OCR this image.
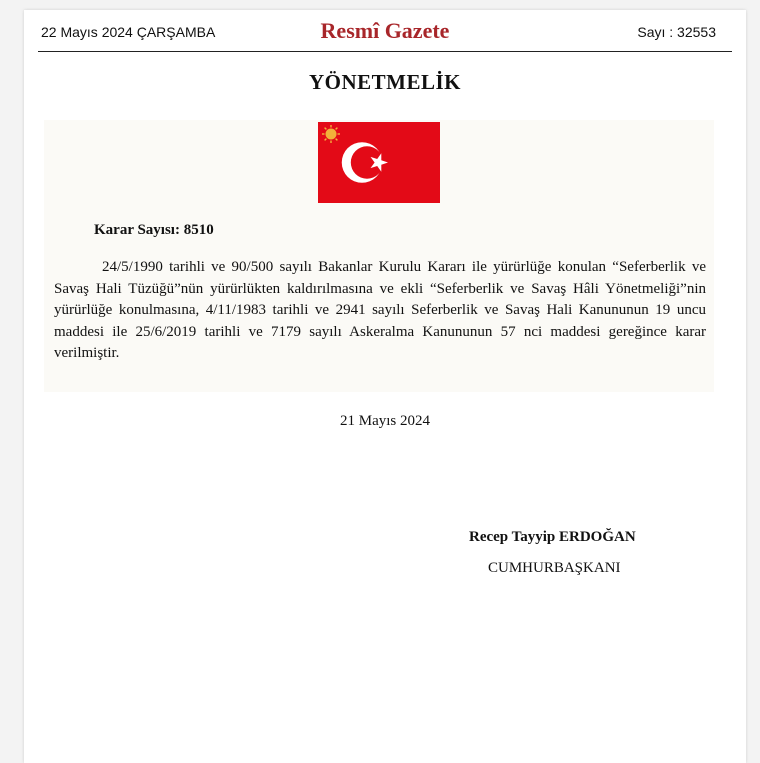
22 Mayıs 2024 ÇARŞAMBA	Resmî Gazete	Sayı : 32553
YÖNETMELİK
Karar Sayısı: 8510

24/5/1990 tarihli ve 90/500 sayılı Bakanlar Kurulu Kararı ile yürürlüğe konulan “Seferberlik ve Savaş Hali Tüzüğü”nün yürürlükten kaldırılmasına ve ekli “Seferberlik ve Savaş Hâli Yönetmeliği”nin yürürlüğe konulmasına, 4/11/1983 tarihli ve 2941 sayılı Seferberlik ve Savaş Hali Kanununun 19 uncu maddesi ile 25/6/2019 tarihli ve 7179 sayılı Askeralma Kanununun 57 nci maddesi gereğince karar verilmiştir.

21 Mayıs 2024
Recep Tayyip ERDOĞAN
CUMHURBAŞKANI
